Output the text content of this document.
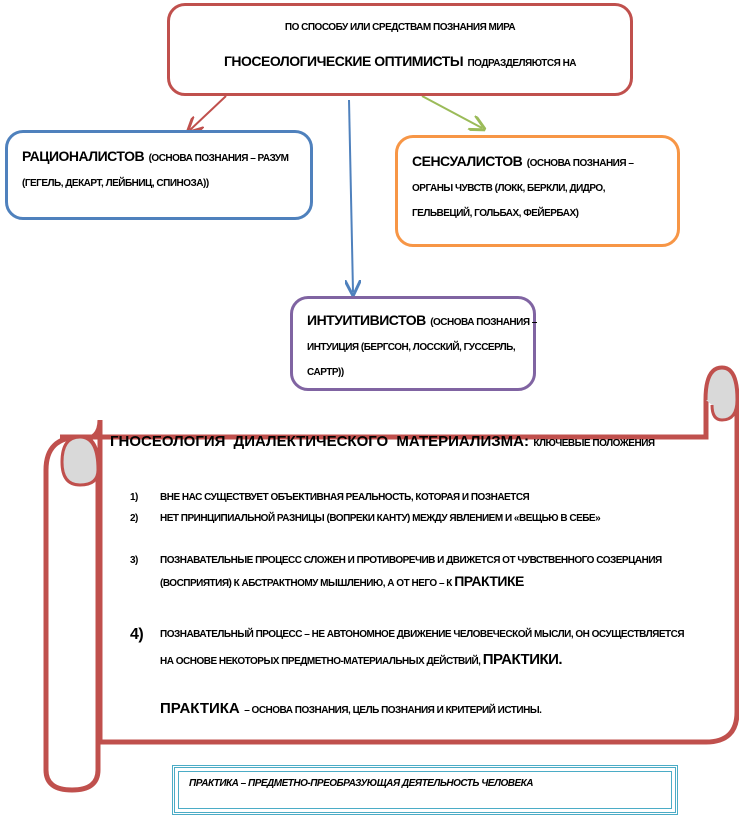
ПО СПОСОБУ ИЛИ СРЕДСТВАМ ПОЗНАНИЯ МИРА
ГНОСЕОЛОГИЧЕСКИЕ ОПТИМИСТЫ ПОДРАЗДЕЛЯЮТСЯ НА
РАЦИОНАЛИСТОВ (ОСНОВА ПОЗНАНИЯ – РАЗУМ (ГЕГЕЛЬ, ДЕКАРТ, ЛЕЙБНИЦ, СПИНОЗА))
СЕНСУАЛИСТОВ (ОСНОВА ПОЗНАНИЯ – ОРГАНЫ ЧУВСТВ (ЛОКК, БЕРКЛИ, ДИДРО, ГЕЛЬВЕЦИЙ, ГОЛЬБАХ, ФЕЙЕРБАХ)
ИНТУИТИВИСТОВ (ОСНОВА ПОЗНАНИЯ – ИНТУИЦИЯ (БЕРГСОН, ЛОССКИЙ, ГУССЕРЛЬ, САРТР))
ГНОСЕОЛОГИЯ ДИАЛЕКТИЧЕСКОГО МАТЕРИАЛИЗМА: КЛЮЧЕВЫЕ ПОЛОЖЕНИЯ
1) ВНЕ НАС СУЩЕСТВУЕТ ОБЪЕКТИВНАЯ РЕАЛЬНОСТЬ, КОТОРАЯ И ПОЗНАЕТСЯ
2) НЕТ ПРИНЦИПИАЛЬНОЙ РАЗНИЦЫ (ВОПРЕКИ КАНТУ) МЕЖДУ ЯВЛЕНИЕМ И «ВЕЩЬЮ В СЕБЕ»
3) ПОЗНАВАТЕЛЬНЫЕ ПРОЦЕСС СЛОЖЕН И ПРОТИВОРЕЧИВ И ДВИЖЕТСЯ ОТ ЧУВСТВЕННОГО СОЗЕРЦАНИЯ (ВОСПРИЯТИЯ) К АБСТРАКТНОМУ МЫШЛЕНИЮ, А ОТ НЕГО – К ПРАКТИКЕ
4) ПОЗНАВАТЕЛЬНЫЙ ПРОЦЕСС – НЕ АВТОНОМНОЕ ДВИЖЕНИЕ ЧЕЛОВЕЧЕСКОЙ МЫСЛИ, ОН ОСУЩЕСТВЛЯЕТСЯ НА ОСНОВЕ НЕКОТОРЫХ ПРЕДМЕТНО-МАТЕРИАЛЬНЫХ ДЕЙСТВИЙ, ПРАКТИКИ.
ПРАКТИКА – ОСНОВА ПОЗНАНИЯ, ЦЕЛЬ ПОЗНАНИЯ И КРИТЕРИЙ ИСТИНЫ.
ПРАКТИКА – ПРЕДМЕТНО-ПРЕОБРАЗУЮЩАЯ ДЕЯТЕЛЬНОСТЬ ЧЕЛОВЕКА
